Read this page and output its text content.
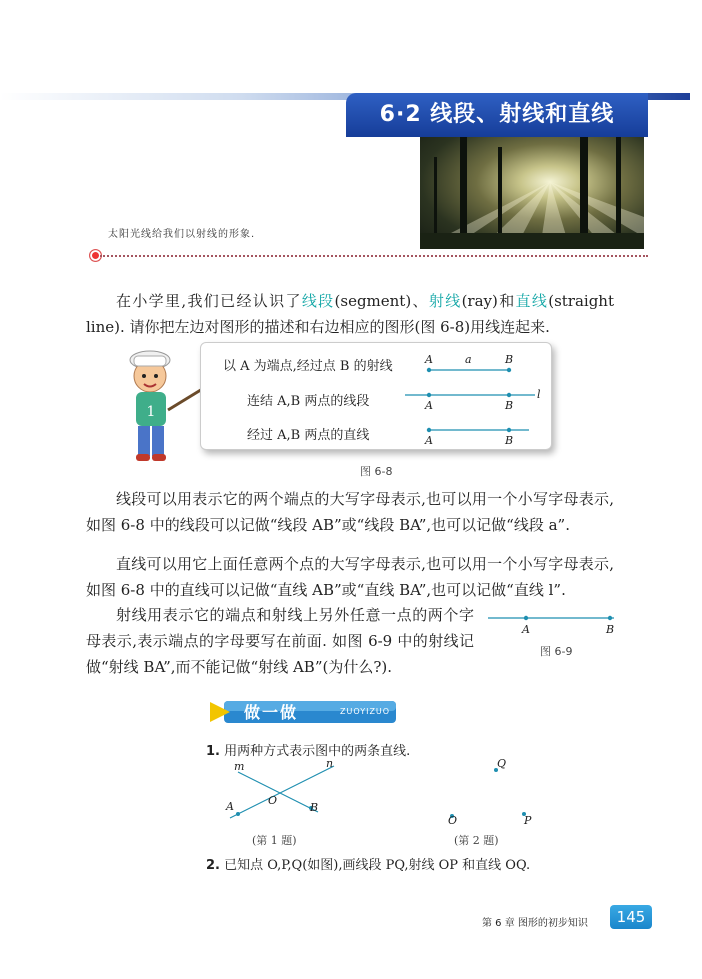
6·2 线段、射线和直线
太阳光线给我们以射线的形象.
在小学里,我们已经认识了线段(segment)、射线(ray)和直线(straight line). 请你把左边对图形的描述和右边相应的图形(图 6-8)用线连起来.
1
以 A 为端点,经过点 B 的射线
连结 A,B 两点的线段
经过 A,B 两点的直线
A	a	B
A	B
l
A	B
图 6-8
线段可以用表示它的两个端点的大写字母表示,也可以用一个小写字母表示,如图 6-8 中的线段可以记做“线段 AB”或“线段 BA”,也可以记做“线段 a”.
直线可以用它上面任意两个点的大写字母表示,也可以用一个小写字母表示,如图 6-8 中的直线可以记做“直线 AB”或“直线 BA”,也可以记做“直线 l”.
射线用表示它的端点和射线上另外任意一点的两个字母表示,表示端点的字母要写在前面. 如图 6-9 中的射线记做“射线 BA”,而不能记做“射线 AB”(为什么?).
A	B
图 6-9
做一做	ZUOYIZUO
1. 用两种方式表示图中的两条直线.
m	n
A	O
B
(第 1 题)
Q
O	P
(第 2 题)
2. 已知点 O,P,Q(如图),画线段 PQ,射线 OP 和直线 OQ.
第 6 章 图形的初步知识	145
